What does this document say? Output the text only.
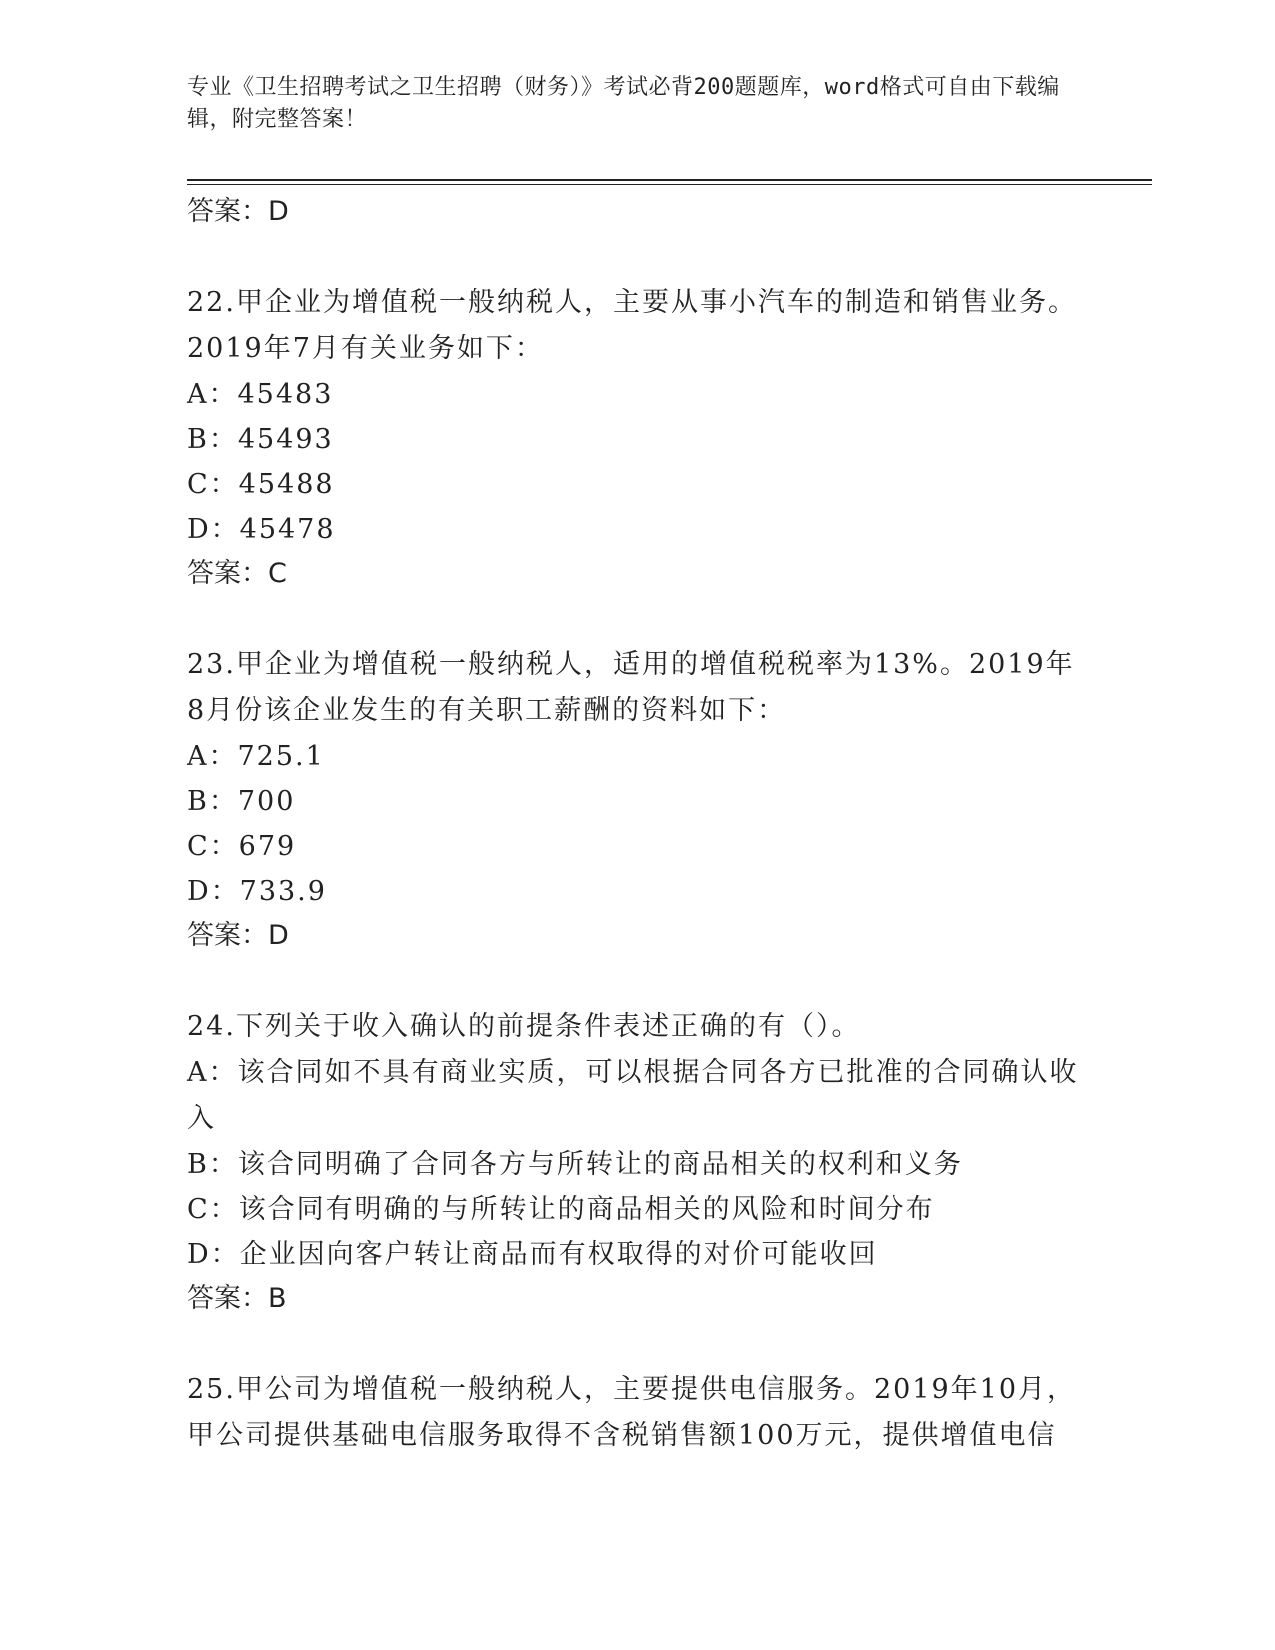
专业《卫生招聘考试之卫生招聘（财务）》考试必背200题题库，word格式可自由下载编辑，附完整答案！
答案：D
22.甲企业为增值税一般纳税人，主要从事小汽车的制造和销售业务。2019年7月有关业务如下：
A：45483
B：45493
C：45488
D：45478
答案：C
23.甲企业为增值税一般纳税人，适用的增值税税率为13%。2019年8月份该企业发生的有关职工薪酬的资料如下：
A：725.1
B：700
C：679
D：733.9
答案：D
24.下列关于收入确认的前提条件表述正确的有（）。
A：该合同如不具有商业实质，可以根据合同各方已批准的合同确认收入
B：该合同明确了合同各方与所转让的商品相关的权利和义务
C：该合同有明确的与所转让的商品相关的风险和时间分布
D：企业因向客户转让商品而有权取得的对价可能收回
答案：B
25.甲公司为增值税一般纳税人，主要提供电信服务。2019年10月，甲公司提供基础电信服务取得不含税销售额100万元，提供增值电信
